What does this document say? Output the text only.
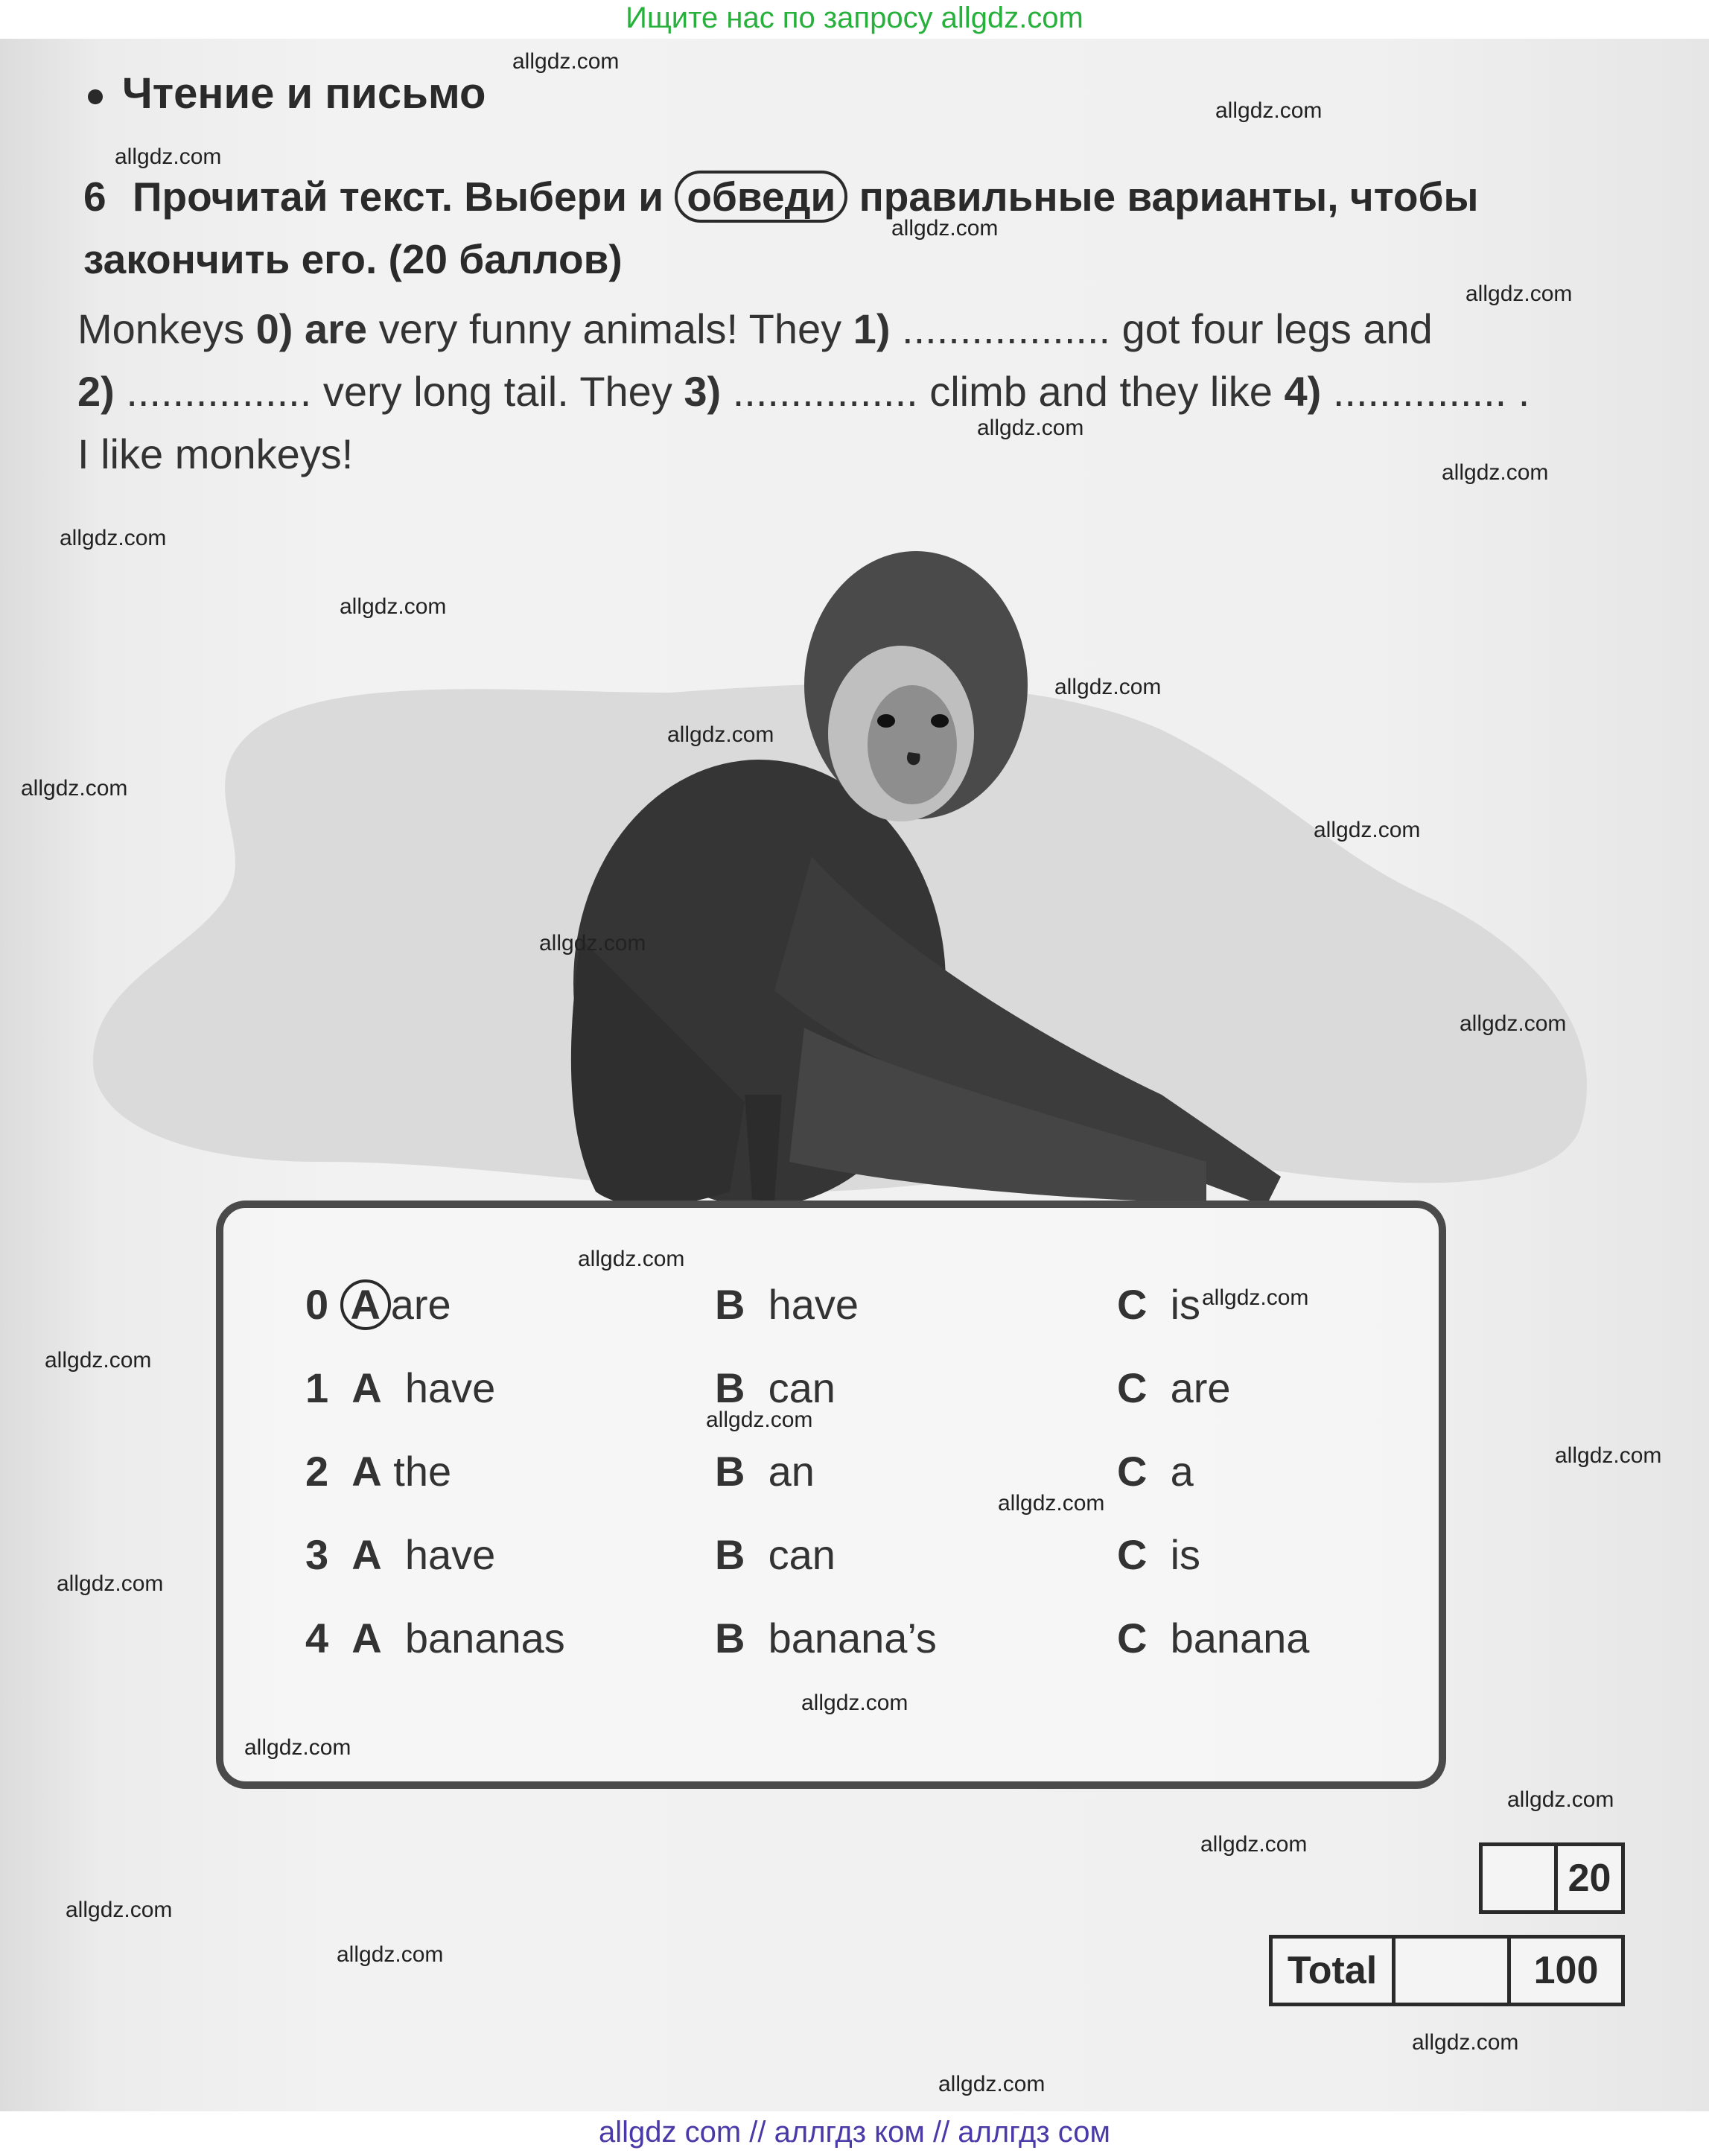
Ищите нас по запросу allgdz.com
Чтение и письмо
6 Прочитай текст. Выбери и обведи правильные варианты, чтобы закончить его. (20 баллов)
Monkeys 0) are very funny animals! They 1) .................. got four legs and
2) ................ very long tail. They 3) ................ climb and they like 4) ............... .
I like monkeys!
0 A are	B have	C is
1 A have	B can	C are
2 A the	B an	C a
3 A have	B can	C is
4 A bananas	B banana’s	C banana
20
Total	100
allgdz.com
allgdz.com
allgdz.com
allgdz.com
allgdz.com
allgdz.com
allgdz.com
allgdz.com
allgdz.com
allgdz.com
allgdz.com
allgdz.com
allgdz.com
allgdz.com
allgdz.com
allgdz.com
allgdz.com
allgdz.com
allgdz.com
allgdz.com
allgdz.com
allgdz.com
allgdz.com
allgdz.com
allgdz.com
allgdz.com
allgdz.com
allgdz.com
allgdz.com
allgdz.com
allgdz com // аллгдз ком // аллгдз сом
